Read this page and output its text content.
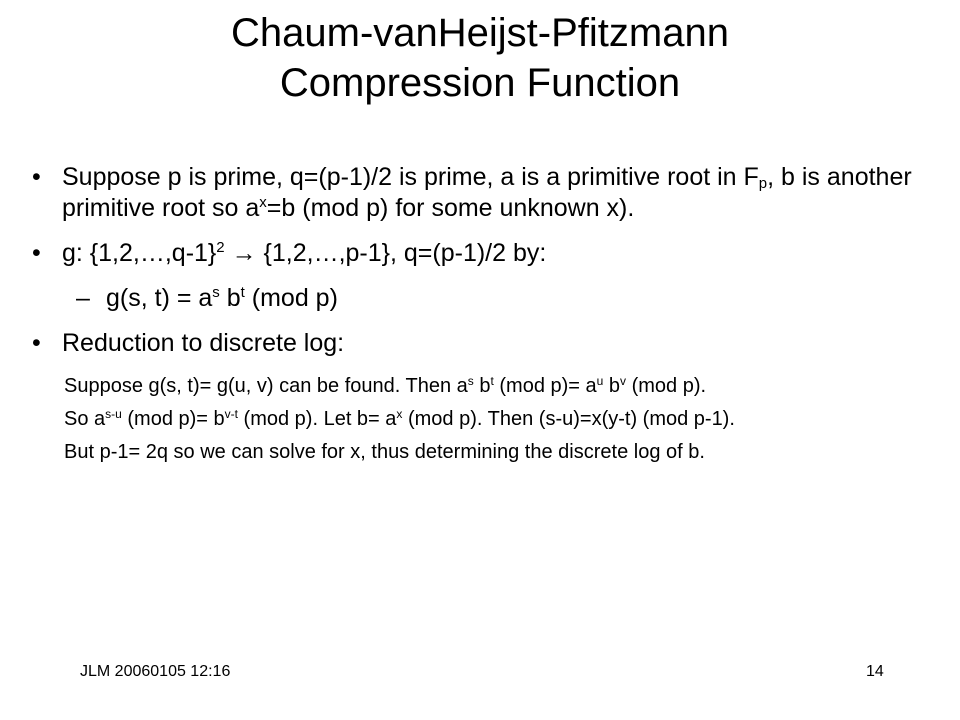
Chaum-vanHeijst-Pfitzmann
Compression Function
• Suppose p is prime, q=(p-1)/2 is prime, a is a primitive root in $F_p$, b is another primitive root so $a^x=b$ (mod p) for some unknown x).
• g: {1,2,…,q-1}$^2$ → {1,2,…,p-1}, q=(p-1)/2 by:
– g(s, $t) = a^s$ $b^t$ (mod p)
• Reduction to discrete log:
Suppose g(s, t)= g(u, v) can be found. Then $a^s$ $b^t$ (mod $p)= a^u$ $b^v$ (mod p).
So $a^{s-u}$ (mod $p)= b^{v-t}$ (mod p). Let $b= a^x$ (mod p). Then (s-u)=x(y-t) (mod p-1).
But p-1= 2q so we can solve for x, thus determining the discrete log of b.
JLM 20060105 12:16	14
